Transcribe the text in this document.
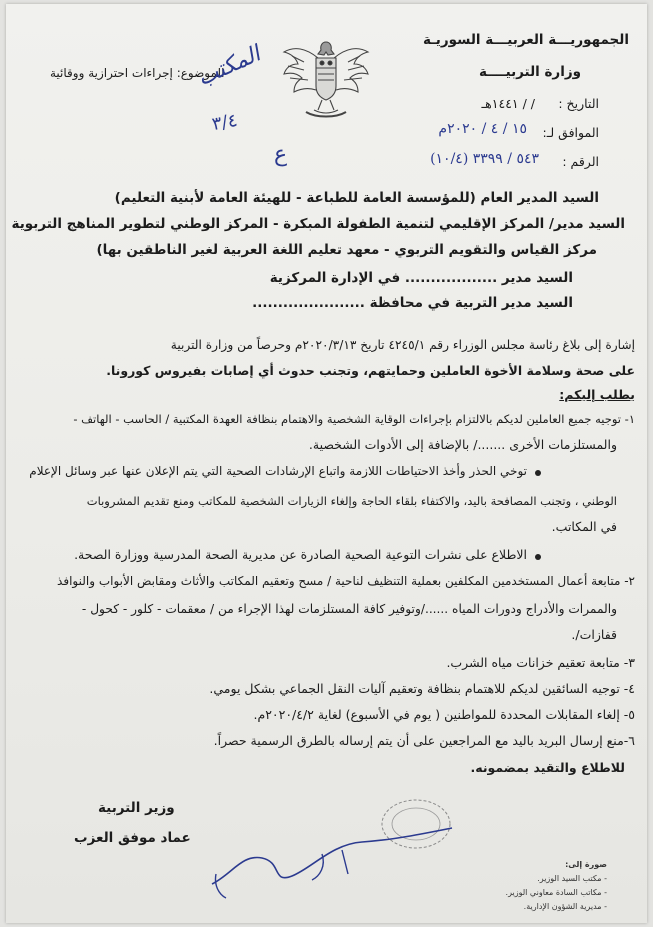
الجمهوريـــة العربيـــة السوريـة
وزارة التربيــــة
التاريخ :
/ / ١٤٤١هـ
الموافق لـ:
١٥ / ٤ / ٢٠٢٠م
الرقم :
٥٤٣ / ٣٣٩٩ (١٠/٤)
الموضوع: إجراءات احترازية ووقائية
المكتب
٣/٤
ع
السيد المدير العام (للمؤسسة العامة للطباعة - للهيئة العامة لأبنية التعليم)
السيد مدير/ المركز الإقليمي لتنمية الطفولة المبكرة - المركز الوطني لتطوير المناهج التربوية
مركز القياس والتقويم التربوي - معهد تعليم اللغة العربية لغير الناطقين بها)
السيد مدير .................. في الإدارة المركزية
السيد مدير التربية في محافظة ......................
إشارة إلى بلاغ رئاسة مجلس الوزراء رقم ٤٢٤٥/١ تاريخ ٢٠٢٠/٣/١٣م وحرصاً من وزارة التربية
على صحة وسلامة الأخوة العاملين وحمايتهم، وتجنب حدوث أي إصابات بفيروس كورونا.
يطلب إليكم:
١- توجيه جميع العاملين لديكم بالالتزام بإجراءات الوقاية الشخصية والاهتمام بنظافة العهدة المكتبية / الحاسب - الهاتف -
والمستلزمات الأخرى ......./ بالإضافة إلى الأدوات الشخصية.
توخي الحذر وأخذ الاحتياطات اللازمة واتباع الإرشادات الصحية التي يتم الإعلان عنها عبر وسائل الإعلام
الوطني ، وتجنب المصافحة باليد، والاكتفاء بلقاء الحاجة وإلغاء الزيارات الشخصية للمكاتب ومنع تقديم المشروبات
في المكاتب.
الاطلاع على نشرات التوعية الصحية الصادرة عن مديرية الصحة المدرسية ووزارة الصحة.
٢- متابعة أعمال المستخدمين المكلفين بعملية التنظيف لناحية / مسح وتعقيم المكاتب والأثاث ومقابض الأبواب والنوافذ
والممرات والأدراج ودورات المياه ....../وتوفير كافة المستلزمات لهذا الإجراء من / معقمات - كلور - كحول -
قفازات/.
٣- متابعة تعقيم خزانات مياه الشرب.
٤- توجيه السائقين لديكم للاهتمام بنظافة وتعقيم آليات النقل الجماعي بشكل يومي.
٥- إلغاء المقابلات المحددة للمواطنين ( يوم في الأسبوع) لغاية ٢٠٢٠/٤/٢م.
٦-منع إرسال البريد باليد مع المراجعين على أن يتم إرساله بالطرق الرسمية حصراً.
للاطلاع والتقيد بمضمونه.
وزير التربية
عماد موفق العزب
صورة إلى:
- مكتب السيد الوزير.
- مكاتب السادة معاوني الوزير.
- مديرية الشؤون الإدارية.
